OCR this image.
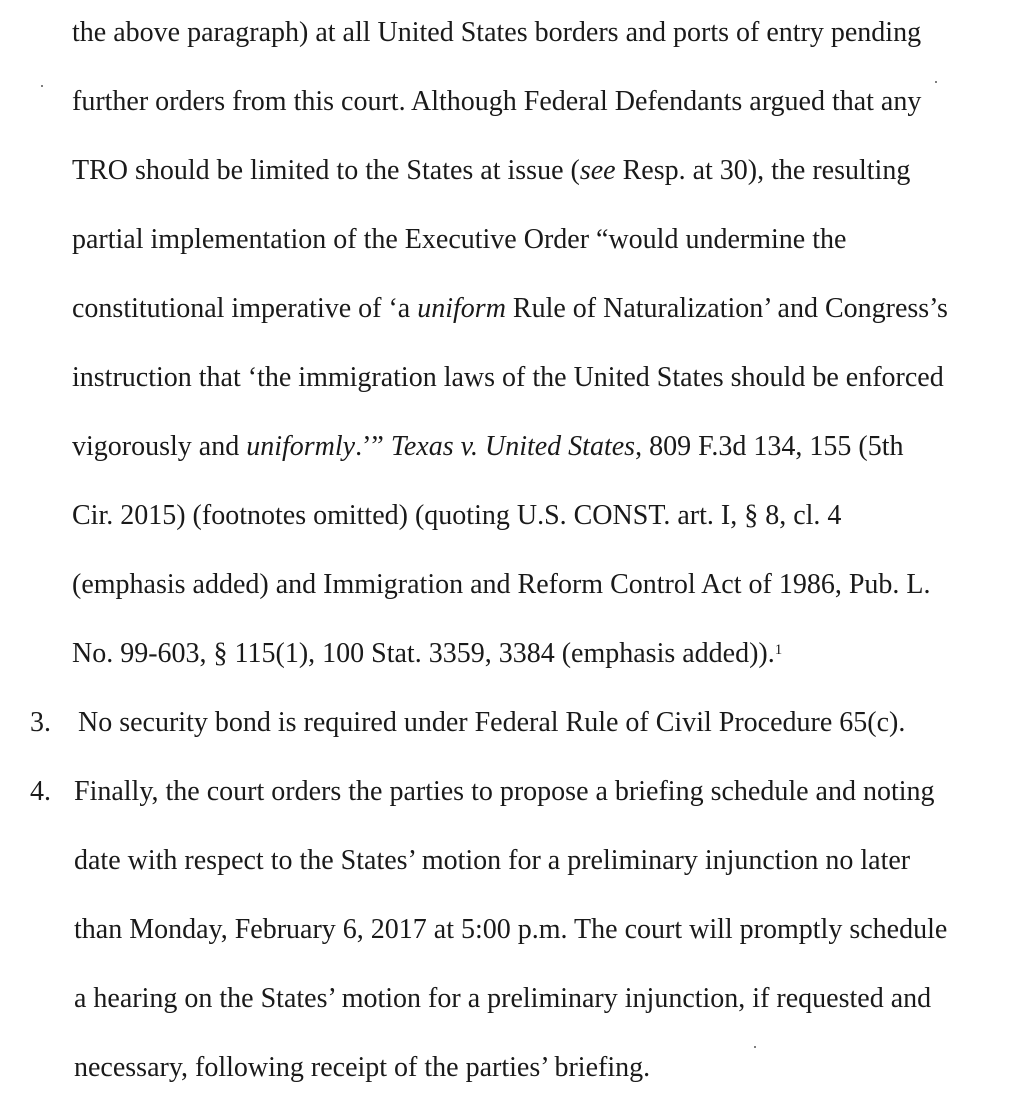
the above paragraph) at all United States borders and ports of entry pending
further orders from this court. Although Federal Defendants argued that any
TRO should be limited to the States at issue (see Resp. at 30), the resulting
partial implementation of the Executive Order “would undermine the
constitutional imperative of ‘a uniform Rule of Naturalization’ and Congress’s
instruction that ‘the immigration laws of the United States should be enforced
vigorously and uniformly.’” Texas v. United States, 809 F.3d 134, 155 (5th
Cir. 2015) (footnotes omitted) (quoting U.S. CONST. art. I, § 8, cl. 4
(emphasis added) and Immigration and Reform Control Act of 1986, Pub. L.
No. 99-603, § 115(1), 100 Stat. 3359, 3384 (emphasis added)).$^1$
3. No security bond is required under Federal Rule of Civil Procedure 65(c).
4. Finally, the court orders the parties to propose a briefing schedule and noting
date with respect to the States’ motion for a preliminary injunction no later
than Monday, February 6, 2017 at 5:00 p.m. The court will promptly schedule
a hearing on the States’ motion for a preliminary injunction, if requested and
necessary, following receipt of the parties’ briefing.
